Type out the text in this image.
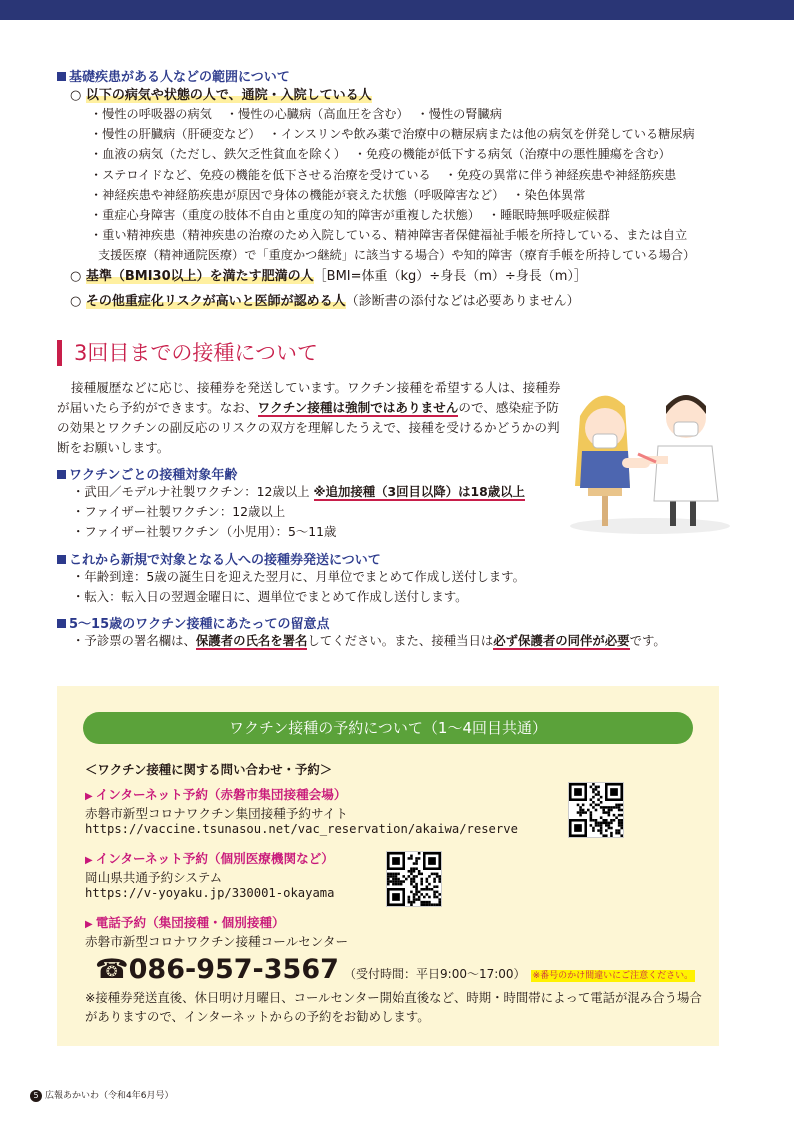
基礎疾患がある人などの範囲について
○ 以下の病気や状態の人で、通院・入院している人
・慢性の呼吸器の病気 ・慢性の心臓病（高血圧を含む） ・慢性の腎臓病
・慢性の肝臓病（肝硬変など） ・インスリンや飲み薬で治療中の糖尿病または他の病気を併発している糖尿病
・血液の病気（ただし、鉄欠乏性貧血を除く） ・免疫の機能が低下する病気（治療中の悪性腫瘍を含む）
・ステロイドなど、免疫の機能を低下させる治療を受けている ・免疫の異常に伴う神経疾患や神経筋疾患
・神経疾患や神経筋疾患が原因で身体の機能が衰えた状態（呼吸障害など） ・染色体異常
・重症心身障害（重度の肢体不自由と重度の知的障害が重複した状態） ・睡眠時無呼吸症候群
・重い精神疾患（精神疾患の治療のため入院している、精神障害者保健福祉手帳を所持している、または自立
支援医療（精神通院医療）で「重度かつ継続」に該当する場合）や知的障害（療育手帳を所持している場合）
○ 基準（BMI30以上）を満たす肥満の人［BMI=体重（kg）÷身長（m）÷身長（m）］
○ その他重症化リスクが高いと医師が認める人（診断書の添付などは必要ありません）
3回目までの接種について
接種履歴などに応じ、接種券を発送しています。ワクチン接種を希望する人は、接種券が届いたら予約ができます。なお、ワクチン接種は強制ではありませんので、感染症予防の効果とワクチンの副反応のリスクの双方を理解したうえで、接種を受けるかどうかの判断をお願いします。
ワクチンごとの接種対象年齢
・武田／モデルナ社製ワクチン：12歳以上 ※追加接種（3回目以降）は18歳以上
・ファイザー社製ワクチン：12歳以上
・ファイザー社製ワクチン（小児用）：5～11歳
これから新規で対象となる人への接種券発送について
・年齢到達：5歳の誕生日を迎えた翌月に、月単位でまとめて作成し送付します。
・転入：転入日の翌週金曜日に、週単位でまとめて作成し送付します。
5～15歳のワクチン接種にあたっての留意点
・予診票の署名欄は、保護者の氏名を署名してください。また、接種当日は必ず保護者の同伴が必要です。
ワクチン接種の予約について（1～4回目共通）
＜ワクチン接種に関する問い合わせ・予約＞
▶ インターネット予約（赤磐市集団接種会場）
赤磐市新型コロナワクチン集団接種予約サイト
https://vaccine.tsunasou.net/vac_reservation/akaiwa/reserve
▶ インターネット予約（個別医療機関など）
岡山県共通予約システム
https://v-yoyaku.jp/330001-okayama
▶ 電話予約（集団接種・個別接種）
赤磐市新型コロナワクチン接種コールセンター
☎086-957-3567 （受付時間：平日9:00～17:00） ※番号のかけ間違いにご注意ください。
※接種券発送直後、休日明け月曜日、コールセンター開始直後など、時期・時間帯によって電話が混み合う場合がありますので、インターネットからの予約をお勧めします。
5 広報あかいわ（令和4年6月号）
